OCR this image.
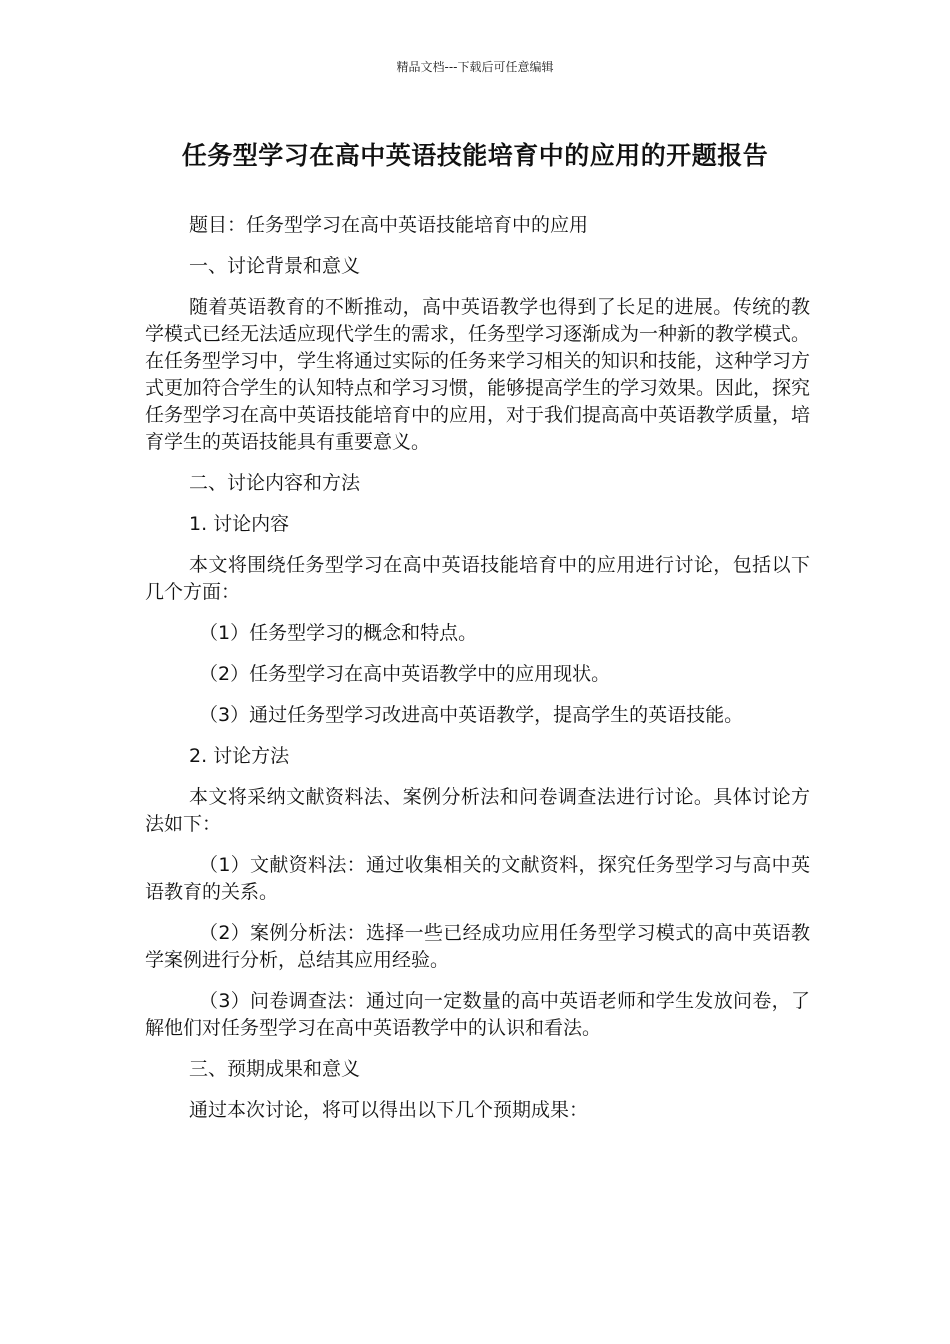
精品文档---下载后可任意编辑
任务型学习在高中英语技能培育中的应用的开题报告

题目：任务型学习在高中英语技能培育中的应用

一、讨论背景和意义

随着英语教育的不断推动，高中英语教学也得到了长足的进展。传统的教学模式已经无法适应现代学生的需求，任务型学习逐渐成为一种新的教学模式。在任务型学习中，学生将通过实际的任务来学习相关的知识和技能，这种学习方式更加符合学生的认知特点和学习习惯，能够提高学生的学习效果。因此，探究任务型学习在高中英语技能培育中的应用，对于我们提高高中英语教学质量，培育学生的英语技能具有重要意义。

二、讨论内容和方法

1. 讨论内容

本文将围绕任务型学习在高中英语技能培育中的应用进行讨论，包括以下几个方面：

（1）任务型学习的概念和特点。

（2）任务型学习在高中英语教学中的应用现状。

（3）通过任务型学习改进高中英语教学，提高学生的英语技能。

2. 讨论方法

本文将采纳文献资料法、案例分析法和问卷调查法进行讨论。具体讨论方法如下：

（1）文献资料法：通过收集相关的文献资料，探究任务型学习与高中英语教育的关系。

（2）案例分析法：选择一些已经成功应用任务型学习模式的高中英语教学案例进行分析，总结其应用经验。

（3）问卷调查法：通过向一定数量的高中英语老师和学生发放问卷，了解他们对任务型学习在高中英语教学中的认识和看法。

三、预期成果和意义

通过本次讨论，将可以得出以下几个预期成果：
